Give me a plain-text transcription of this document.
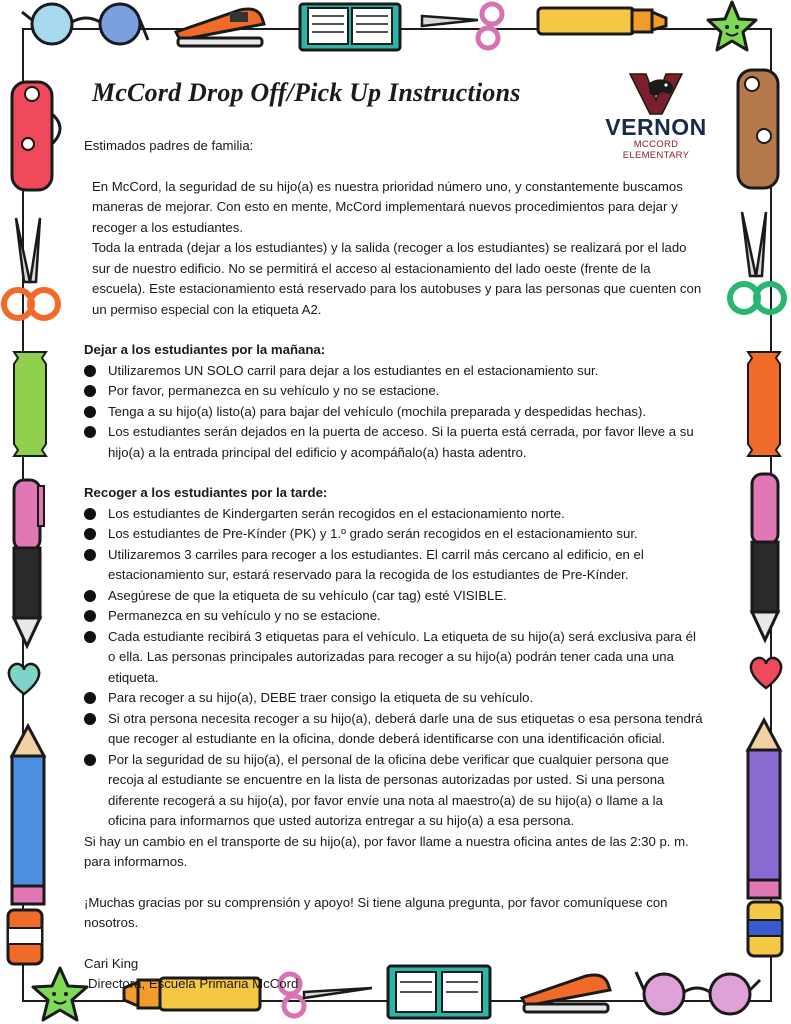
McCord Drop Off/Pick Up Instructions
VERNON
MCCORD ELEMENTARY

Estimados padres de familia:

En McCord, la seguridad de su hijo(a) es nuestra prioridad número uno, y constantemente buscamos maneras de mejorar. Con esto en mente, McCord implementará nuevos procedimientos para dejar y recoger a los estudiantes.

Toda la entrada (dejar a los estudiantes) y la salida (recoger a los estudiantes) se realizará por el lado sur de nuestro edificio. No se permitirá el acceso al estacionamiento del lado oeste (frente de la escuela). Este estacionamiento está reservado para los autobuses y para las personas que cuenten con un permiso especial con la etiqueta A2.

Dejar a los estudiantes por la mañana:

Utilizaremos UN SOLO carril para dejar a los estudiantes en el estacionamiento sur.

Por favor, permanezca en su vehículo y no se estacione.

Tenga a su hijo(a) listo(a) para bajar del vehículo (mochila preparada y despedidas hechas).

Los estudiantes serán dejados en la puerta de acceso. Si la puerta está cerrada, por favor lleve a su hijo(a) a la entrada principal del edificio y acompáñalo(a) hasta adentro.

Recoger a los estudiantes por la tarde:

Los estudiantes de Kindergarten serán recogidos en el estacionamiento norte.

Los estudiantes de Pre-Kínder (PK) y 1.º grado serán recogidos en el estacionamiento sur.

Utilizaremos 3 carriles para recoger a los estudiantes. El carril más cercano al edificio, en el estacionamiento sur, estará reservado para la recogida de los estudiantes de Pre-Kínder.

Asegúrese de que la etiqueta de su vehículo (car tag) esté VISIBLE.

Permanezca en su vehículo y no se estacione.

Cada estudiante recibirá 3 etiquetas para el vehículo. La etiqueta de su hijo(a) será exclusiva para él o ella. Las personas principales autorizadas para recoger a su hijo(a) podrán tener cada una una etiqueta.

Para recoger a su hijo(a), DEBE traer consigo la etiqueta de su vehículo.

Si otra persona necesita recoger a su hijo(a), deberá darle una de sus etiquetas o esa persona tendrá que recoger al estudiante en la oficina, donde deberá identificarse con una identificación oficial.

Por la seguridad de su hijo(a), el personal de la oficina debe verificar que cualquier persona que recoja al estudiante se encuentre en la lista de personas autorizadas por usted. Si una persona diferente recogerá a su hijo(a), por favor envíe una nota al maestro(a) de su hijo(a) o llame a la oficina para informarnos que usted autoriza entregar a su hijo(a) a esa persona.

Si hay un cambio en el transporte de su hijo(a), por favor llame a nuestra oficina antes de las 2:30 p. m. para informarnos.

¡Muchas gracias por su comprensión y apoyo! Si tiene alguna pregunta, por favor comuníquese con nosotros.

Cari King

Directora, Escuela Primaria McCord
